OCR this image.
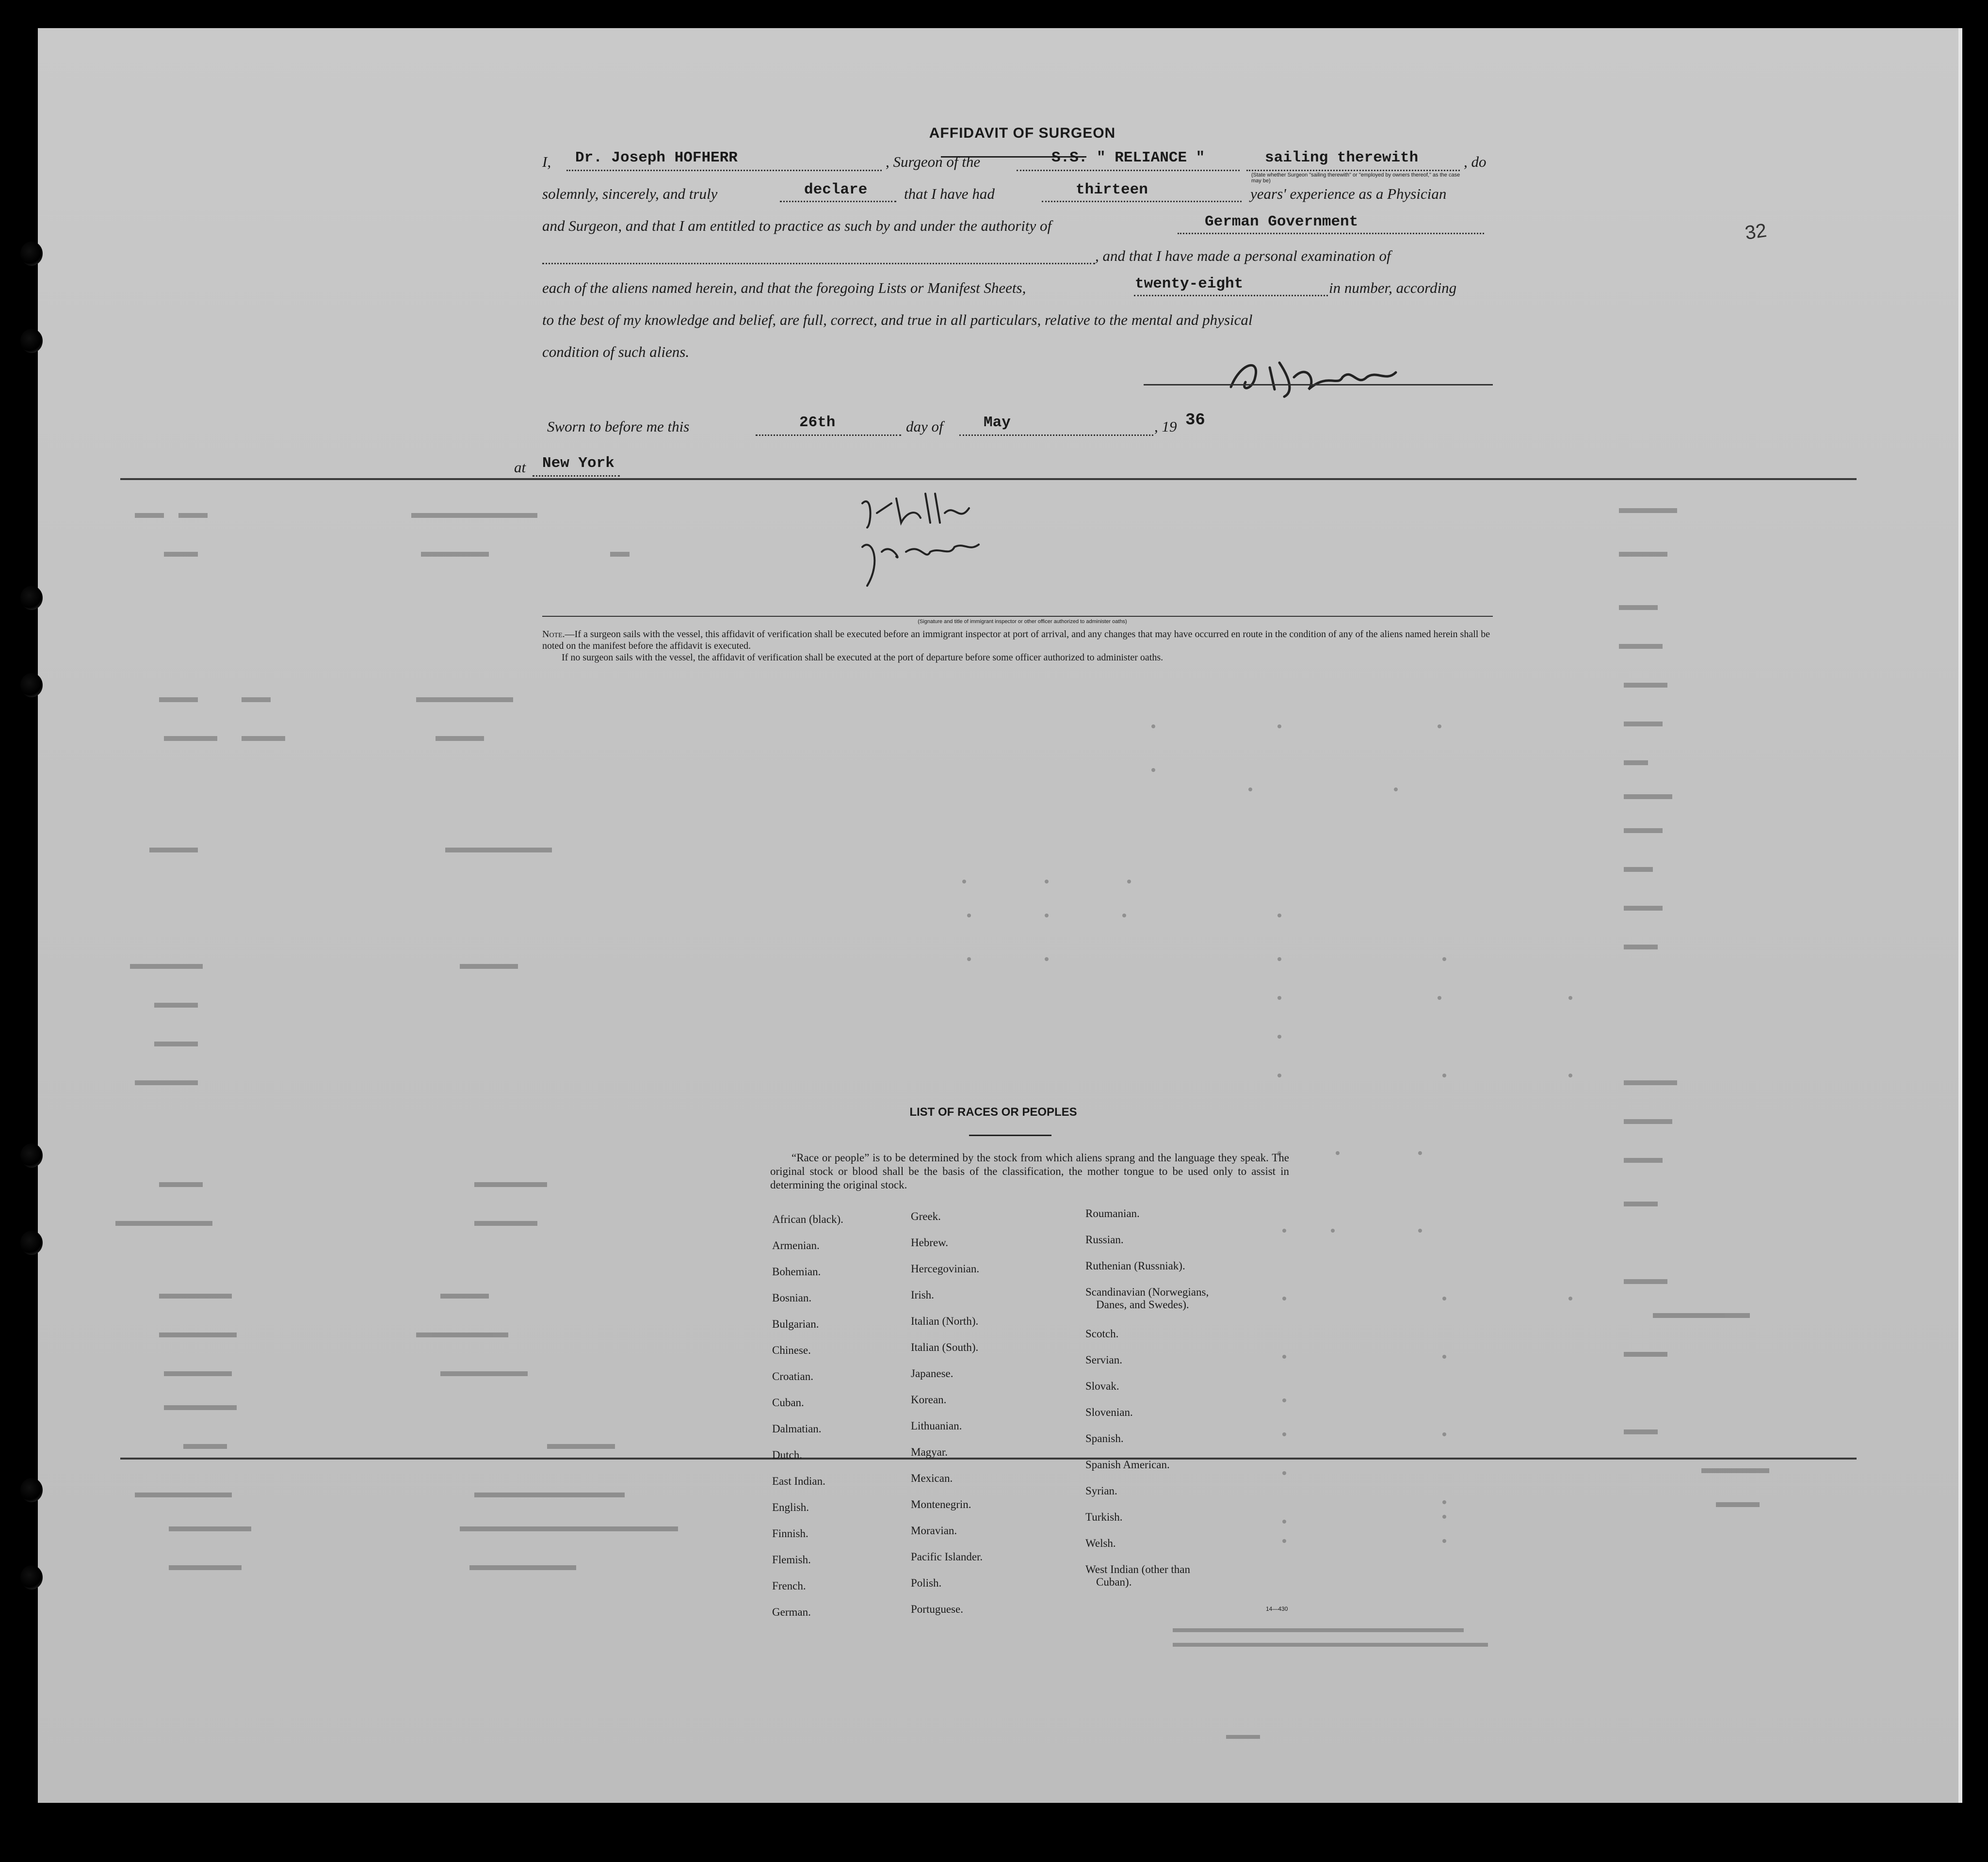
32
AFFIDAVIT OF SURGEON
I, Dr. Joseph HOFHERR	, Surgeon of the	S.S. " RELIANCE "	sailing therewith	, do
(State whether Surgeon "sailing therewith" or "employed by owners thereof," as the case may be)
solemnly, sincerely, and truly	declare that I have had	thirteen	years' experience as a Physician
and Surgeon, and that I am entitled to practice as such by and under the authority of	German Government
, and that I have made a personal examination of
each of the aliens named herein, and that the foregoing Lists or Manifest Sheets,	twenty-eight	in number, according
to the best of my knowledge and belief, are full, correct, and true in all particulars, relative to the mental and physical
condition of such aliens.
Sworn to before me this	26th	day of	May	, 19 36
at New York
(Signature and title of immigrant inspector or other officer authorized to administer oaths)
Note.—If a surgeon sails with the vessel, this affidavit of verification shall be executed before an immigrant inspector at port of arrival, and any changes that may have occurred en route in the condition of any of the aliens named herein shall be noted on the manifest before the affidavit is executed.
If no surgeon sails with the vessel, the affidavit of verification shall be executed at the port of departure before some officer authorized to administer oaths.
LIST OF RACES OR PEOPLES
“Race or people” is to be determined by the stock from which aliens sprang and the language they speak. The original stock or blood shall be the basis of the classification, the mother tongue to be used only to assist in determining the original stock.
African (black).
Armenian.
Bohemian.
Bosnian.
Bulgarian.
Chinese.
Croatian.
Cuban.
Dalmatian.
Dutch.
East Indian.
English.
Finnish.
Flemish.
French.
German.
Greek.
Hebrew.
Hercegovinian.
Irish.
Italian (North).
Italian (South).
Japanese.
Korean.
Lithuanian.
Magyar.
Mexican.
Montenegrin.
Moravian.
Pacific Islander.
Polish.
Portuguese.
Roumanian.
Russian.
Ruthenian (Russniak).
Scandinavian (Norwegians,
Danes, and Swedes).
Scotch.
Servian.
Slovak.
Slovenian.
Spanish.
Spanish American.
Syrian.
Turkish.
Welsh.
West Indian (other than
Cuban).
14—430
